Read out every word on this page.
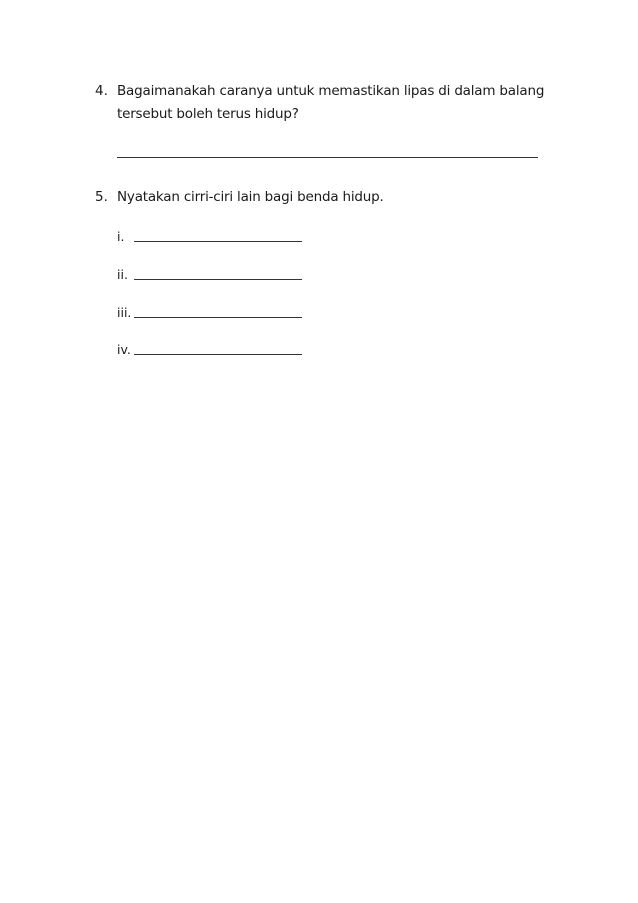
4. Bagaimanakah caranya untuk memastikan lipas di dalam balang tersebut boleh terus hidup?
5. Nyatakan cirri-ciri lain bagi benda hidup.
i.
ii.
iii.
iv.
